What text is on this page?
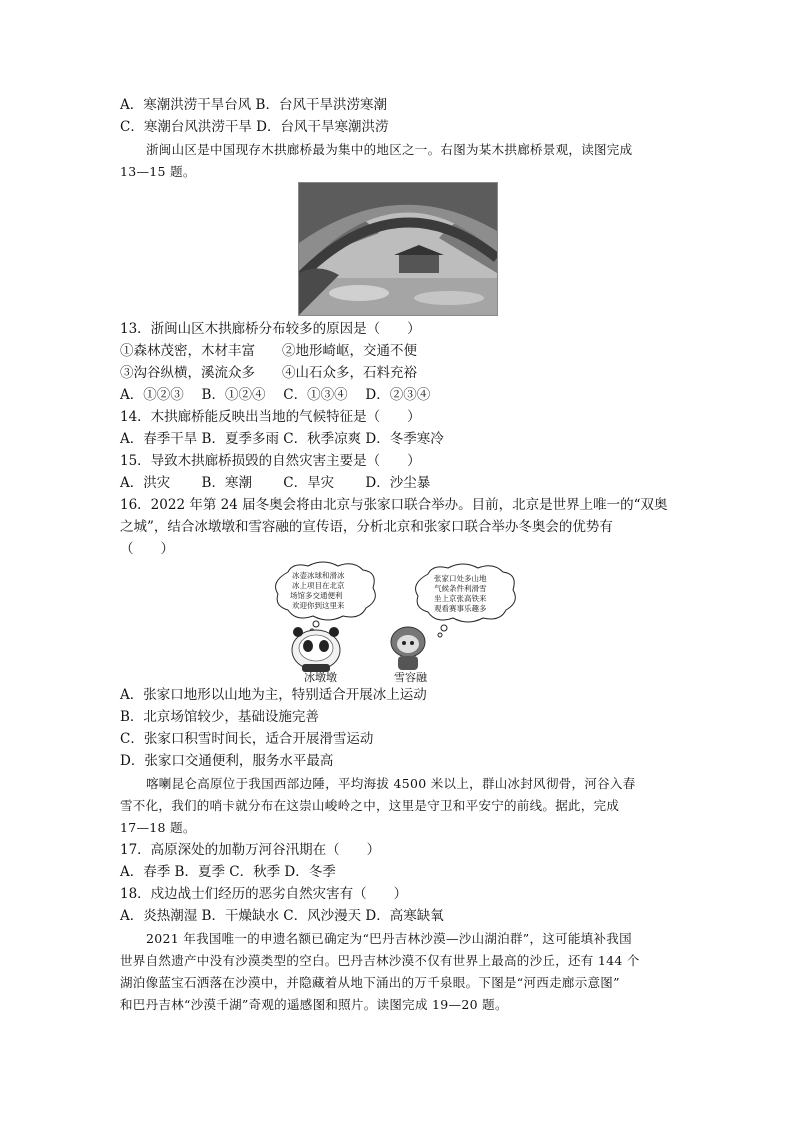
A．寒潮洪涝干旱台风 B．台风干旱洪涝寒潮
C．寒潮台风洪涝干旱 D．台风干旱寒潮洪涝
浙闽山区是中国现存木拱廊桥最为集中的地区之一。右图为某木拱廊桥景观，读图完成
13—15 题。
13．浙闽山区木拱廊桥分布较多的原因是（　　）
①森林茂密，木材丰富　　②地形崎岖，交通不便
③沟谷纵横，溪流众多　　④山石众多，石料充裕
A．①②③　 B．①②④　 C．①③④　 D．②③④
14．木拱廊桥能反映出当地的气候特征是（　　）
A．春季干旱 B．夏季多雨 C．秋季凉爽 D．冬季寒冷
15．导致木拱廊桥损毁的自然灾害主要是（　　）
A．洪灾　　 B．寒潮　　 C．旱灾　　 D．沙尘暴
16．2022 年第 24 届冬奥会将由北京与张家口联合举办。目前，北京是世界上唯一的“双奥
之城”，结合冰墩墩和雪容融的宣传语，分析北京和张家口联合举办冬奥会的优势有
（　　）
冰壶冰球和滑冰
冰上项目在北京
场馆多交通便利
欢迎你到这里来
张家口处多山地
气候条件利滑雪
坐上京张高铁来
观看赛事乐趣多
冰墩墩	雪容融
A．张家口地形以山地为主，特别适合开展冰上运动
B．北京场馆较少，基础设施完善
C．张家口积雪时间长，适合开展滑雪运动
D．张家口交通便利，服务水平最高
喀喇昆仑高原位于我国西部边陲，平均海拔 4500 米以上，群山冰封风彻骨，河谷入春
雪不化，我们的哨卡就分布在这崇山峻岭之中，这里是守卫和平安宁的前线。据此，完成
17—18 题。
17．高原深处的加勒万河谷汛期在（　　）
A．春季 B．夏季 C．秋季 D．冬季
18．戍边战士们经历的恶劣自然灾害有（　　）
A．炎热潮湿 B．干燥缺水 C．风沙漫天 D．高寒缺氧
2021 年我国唯一的申遗名额已确定为“巴丹吉林沙漠—沙山湖泊群”，这可能填补我国
世界自然遗产中没有沙漠类型的空白。巴丹吉林沙漠不仅有世界上最高的沙丘，还有 144 个
湖泊像蓝宝石洒落在沙漠中，并隐藏着从地下涌出的万千泉眼。下图是“河西走廊示意图”
和巴丹吉林“沙漠千湖”奇观的遥感图和照片。读图完成 19—20 题。
